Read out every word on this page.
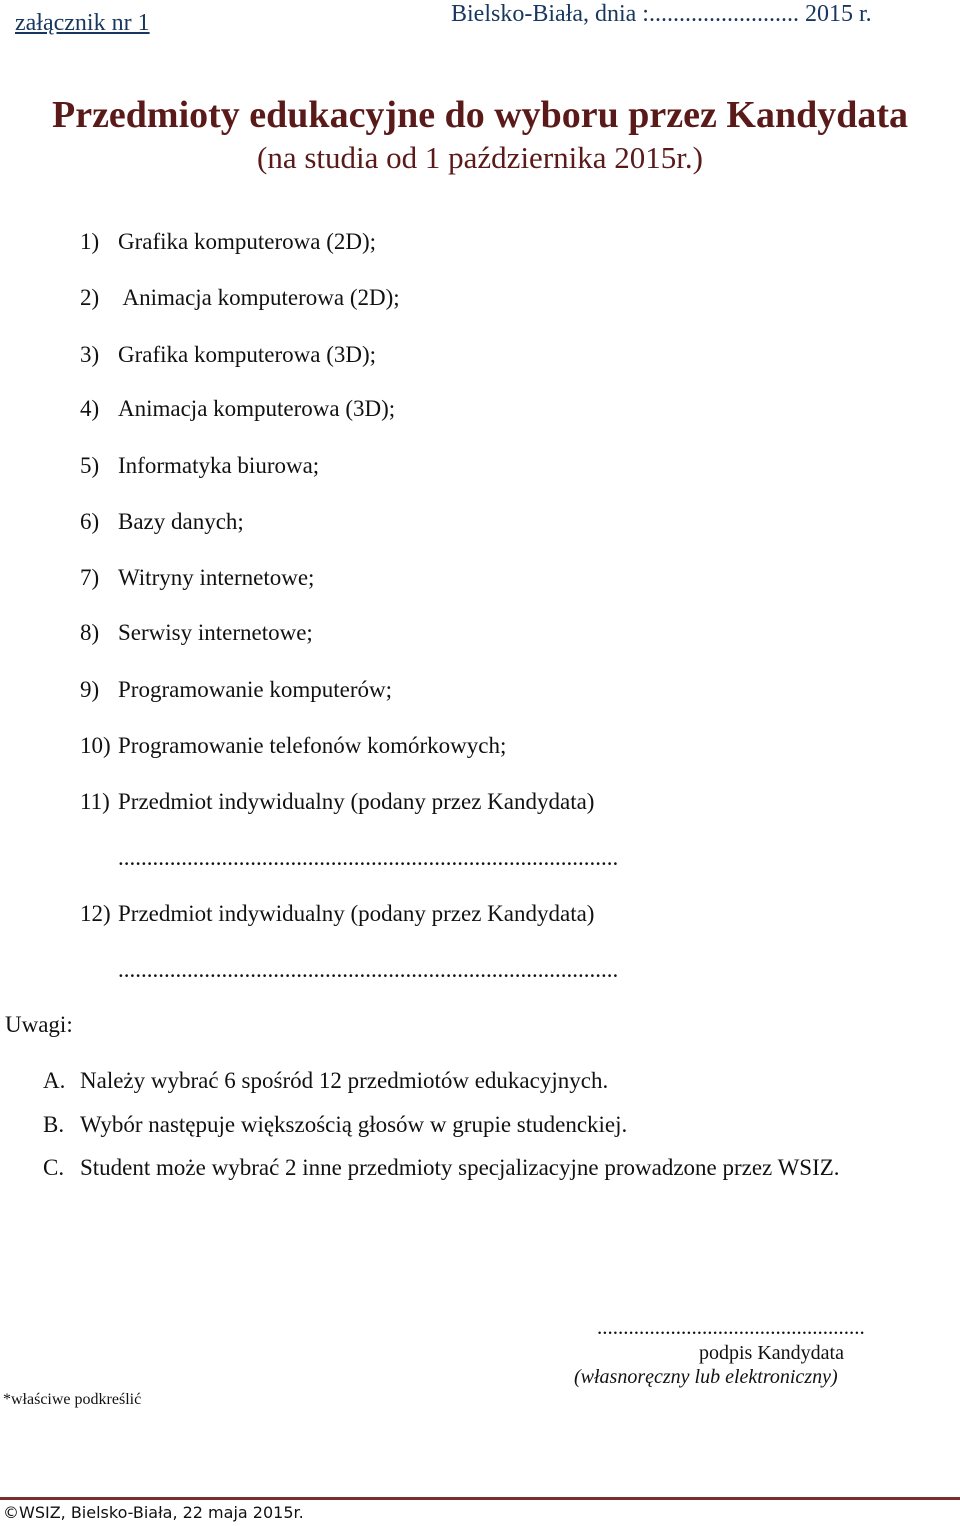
załącznik nr 1	Bielsko-Biała, dnia :......................... 2015 r.
Przedmioty edukacyjne do wyboru przez Kandydata
(na studia od 1 października 2015r.)
1) Grafika komputerowa (2D);
2) Animacja komputerowa (2D);
3) Grafika komputerowa (3D);
4) Animacja komputerowa (3D);
5) Informatyka biurowa;
6) Bazy danych;
7) Witryny internetowe;
8) Serwisy internetowe;
9) Programowanie komputerów;
10) Programowanie telefonów komórkowych;
11) Przedmiot indywidualny (podany przez Kandydata)
.......................................................................................
12) Przedmiot indywidualny (podany przez Kandydata)
.......................................................................................
Uwagi:
A. Należy wybrać 6 spośród 12 przedmiotów edukacyjnych.
B. Wybór następuje większością głosów w grupie studenckiej.
C. Student może wybrać 2 inne przedmioty specjalizacyjne prowadzone przez WSIZ.
...................................................
podpis Kandydata
(własnoręczny lub elektroniczny)
*właściwe podkreślić
©WSIZ, Bielsko-Biała, 22 maja 2015r.
